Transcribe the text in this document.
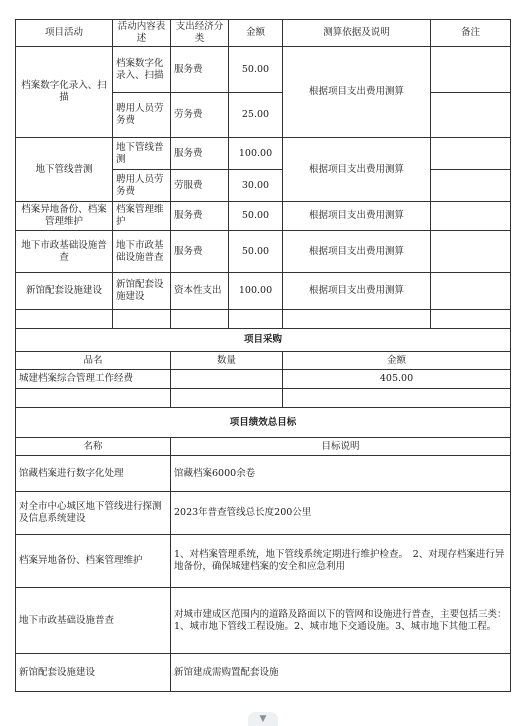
项目活动	活动内容表述	支出经济分类	金额	测算依据及说明	备注
档案数字化录入、扫描	档案数字化录入、扫描	服务费	50.00	根据项目支出费用测算	
	聘用人员劳务费	劳务费	25.00		
地下管线普测	地下管线普测	服务费	100.00	根据项目支出费用测算	
	聘用人员劳务费	劳服费	30.00		
档案异地备份、档案管理维护	档案管理维护	服务费	50.00	根据项目支出费用测算	
地下市政基础设施普查	地下市政基础设施普查	服务费	50.00	根据项目支出费用测算	
新馆配套设施建设	新馆配套设施建设	资本性支出	100.00	根据项目支出费用测算	

项目采购					
品名		数量		金额	
城建档案综合管理工作经费				405.00	

项目绩效总目标					
名称		目标说明			
馆藏档案进行数字化处理		馆藏档案6000余卷			
对全市中心城区地下管线进行探测及信息系统建设		2023年普查管线总长度200公里			
档案异地备份、档案管理维护		1、对档案管理系统，地下管线系统定期进行维护检查。　2、对现存档案进行异地备份，确保城建档案的安全和应急利用			
地下市政基础设施普查		对城市建成区范围内的道路及路面以下的管网和设施进行普查，主要包括三类：1、城市地下管线工程设施。2、城市地下交通设施。3、城市地下其他工程。			
新馆配套设施建设		新馆建成需购置配套设施			
▼
